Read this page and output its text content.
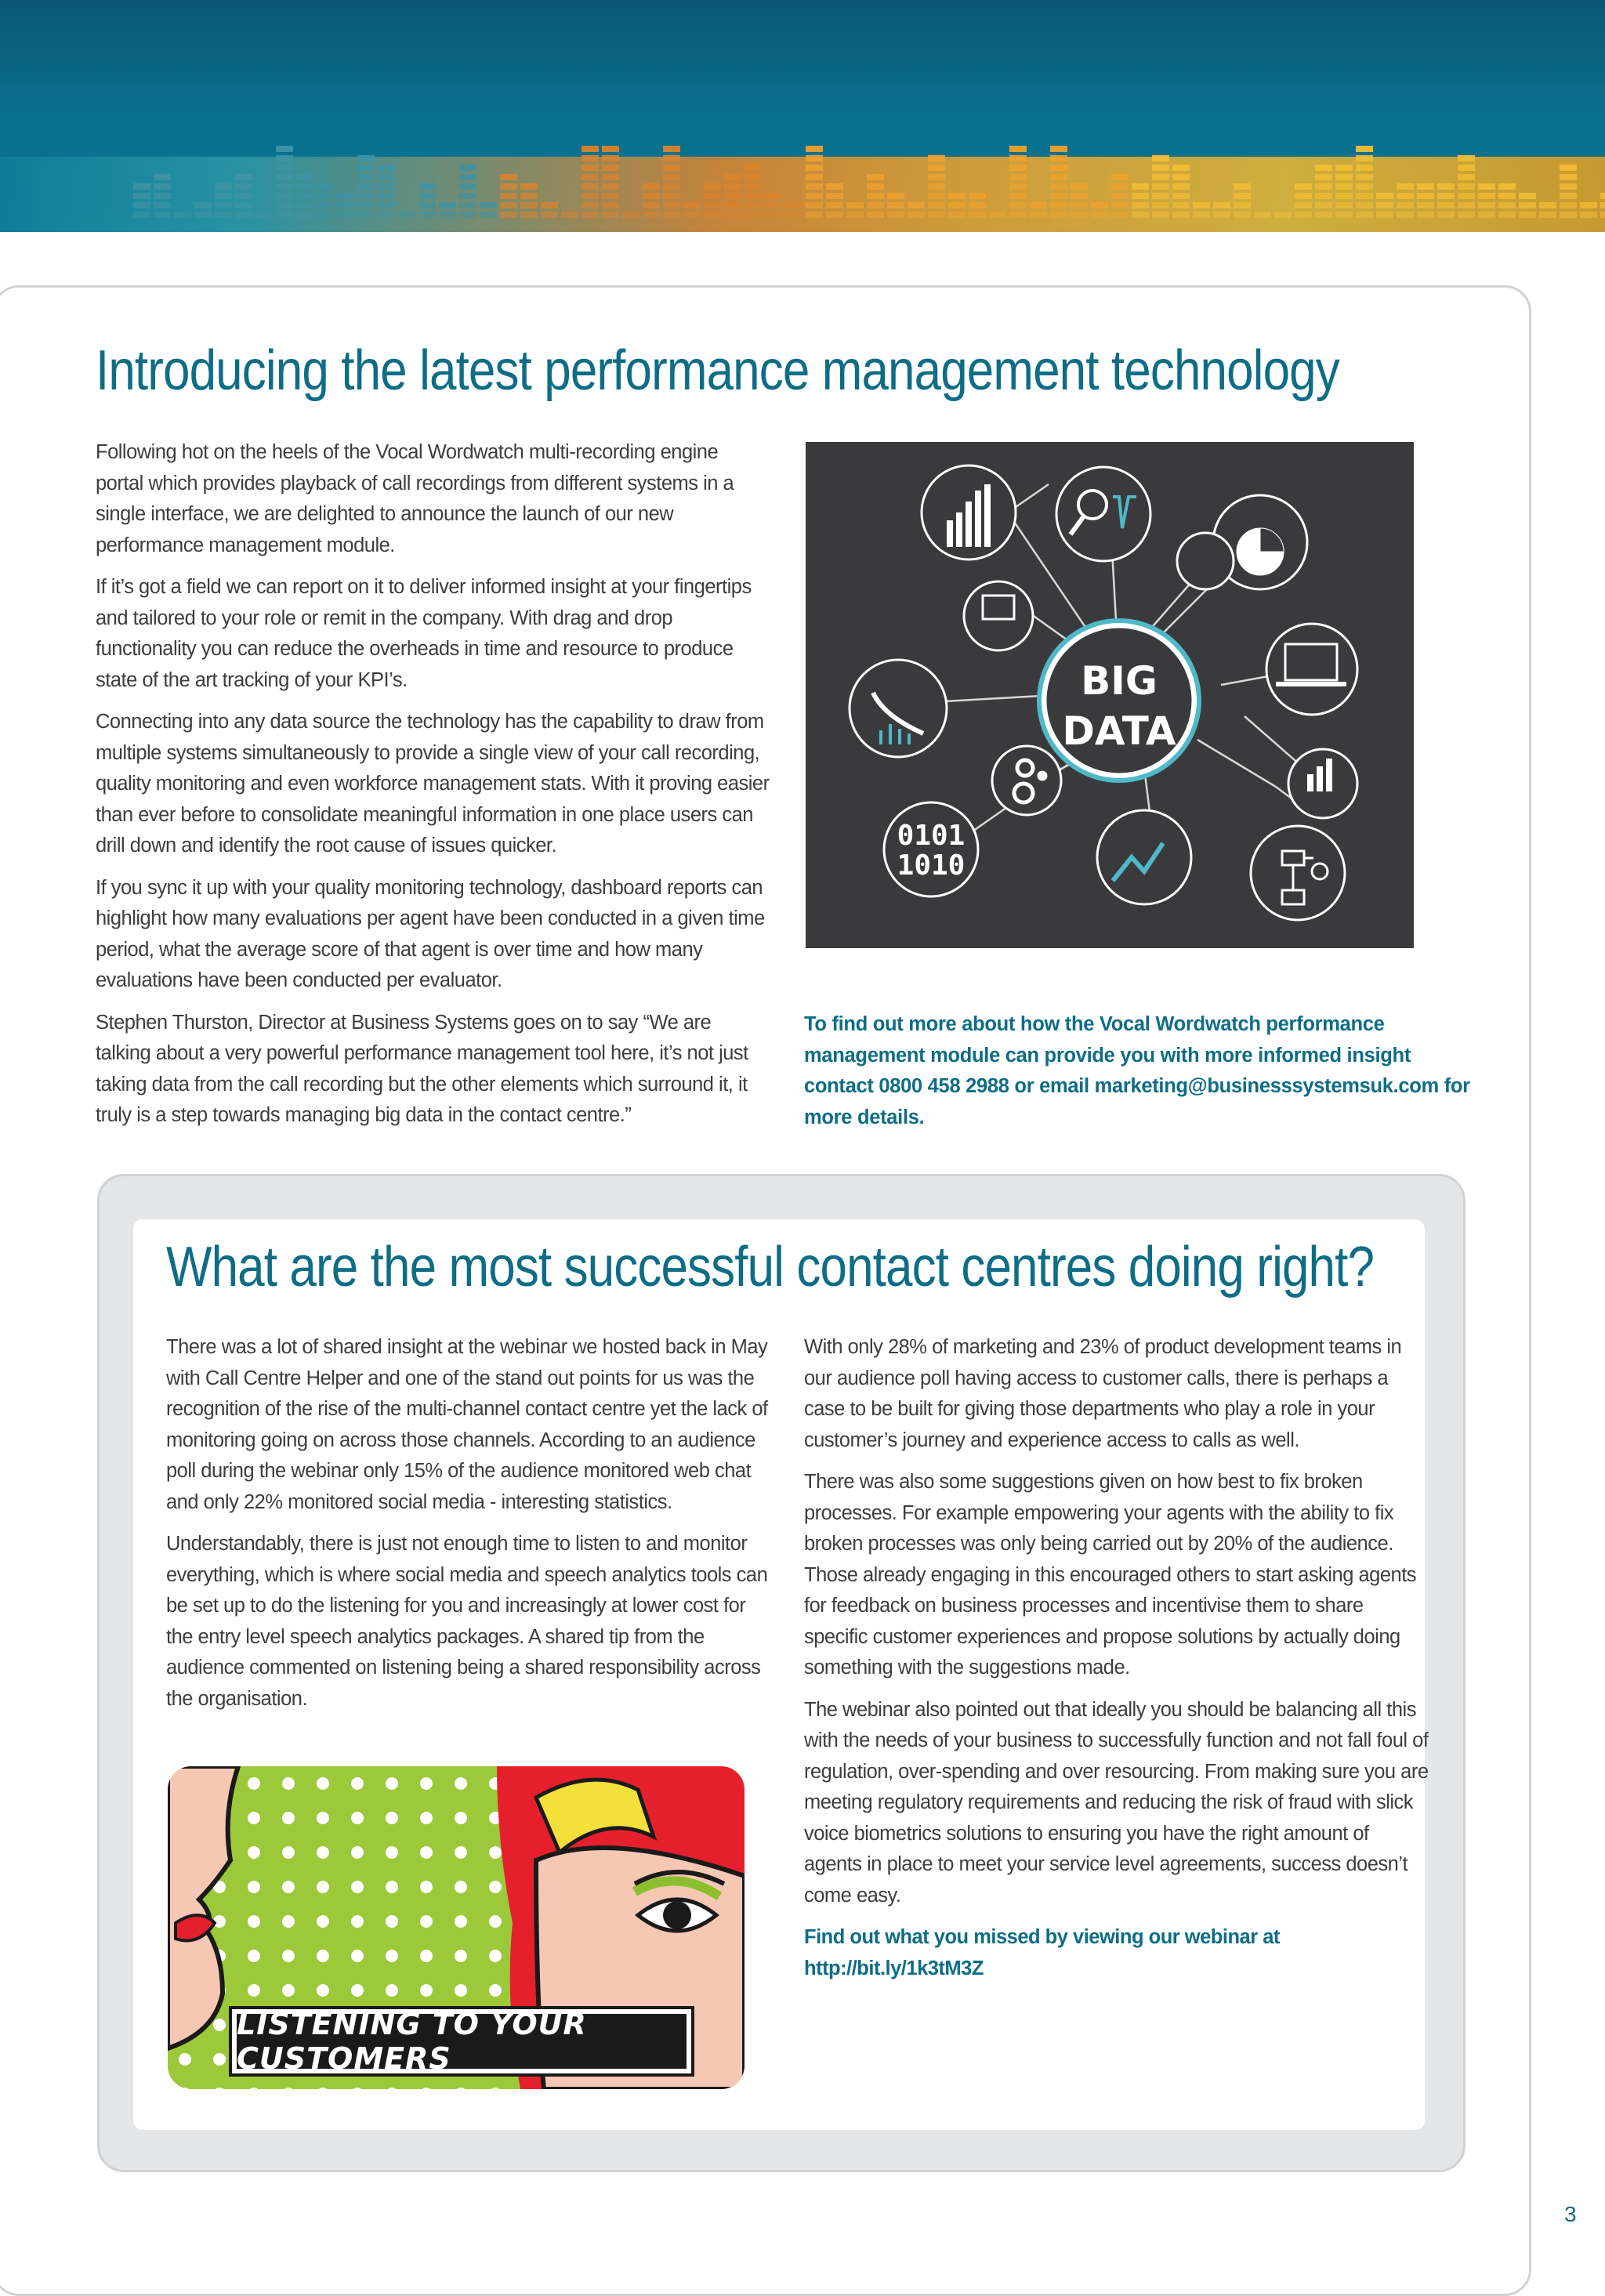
Introducing the latest performance management technology

Following hot on the heels of the Vocal Wordwatch multi-recording engine portal which provides playback of call recordings from different systems in a single interface, we are delighted to announce the launch of our new performance management module.

If it’s got a field we can report on it to deliver informed insight at your fingertips and tailored to your role or remit in the company. With drag and drop functionality you can reduce the overheads in time and resource to produce state of the art tracking of your KPI’s.

Connecting into any data source the technology has the capability to draw from multiple systems simultaneously to provide a single view of your call recording, quality monitoring and even workforce management stats. With it proving easier than ever before to consolidate meaningful information in one place users can drill down and identify the root cause of issues quicker.

If you sync it up with your quality monitoring technology, dashboard reports can highlight how many evaluations per agent have been conducted in a given time period, what the average score of that agent is over time and how many evaluations have been conducted per evaluator.

Stephen Thurston, Director at Business Systems goes on to say “We are talking about a very powerful performance management tool here, it’s not just taking data from the call recording but the other elements which surround it, it truly is a step towards managing big data in the contact centre.”

BIG
DATA
0101
1010
To find out more about how the Vocal Wordwatch performance management module can provide you with more informed insight contact 0800 458 2988 or email marketing@businesssystemsuk.com for more details.
What are the most successful contact centres doing right?

There was a lot of shared insight at the webinar we hosted back in May with Call Centre Helper and one of the stand out points for us was the recognition of the rise of the multi-channel contact centre yet the lack of monitoring going on across those channels. According to an audience poll during the webinar only 15% of the audience monitored web chat and only 22% monitored social media - interesting statistics.

Understandably, there is just not enough time to listen to and monitor everything, which is where social media and speech analytics tools can be set up to do the listening for you and increasingly at lower cost for the entry level speech analytics packages. A shared tip from the audience commented on listening being a shared responsibility across the organisation.

With only 28% of marketing and 23% of product development teams in our audience poll having access to customer calls, there is perhaps a case to be built for giving those departments who play a role in your customer’s journey and experience access to calls as well.

There was also some suggestions given on how best to fix broken processes. For example empowering your agents with the ability to fix broken processes was only being carried out by 20% of the audience. Those already engaging in this encouraged others to start asking agents for feedback on business processes and incentivise them to share specific customer experiences and propose solutions by actually doing something with the suggestions made.

The webinar also pointed out that ideally you should be balancing all this with the needs of your business to successfully function and not fall foul of regulation, over-spending and over resourcing. From making sure you are meeting regulatory requirements and reducing the risk of fraud with slick voice biometrics solutions to ensuring you have the right amount of agents in place to meet your service level agreements, success doesn’t come easy.

Find out what you missed by viewing our webinar at http://bit.ly/1k3tM3Z

LISTENING TO YOUR CUSTOMERS
3
